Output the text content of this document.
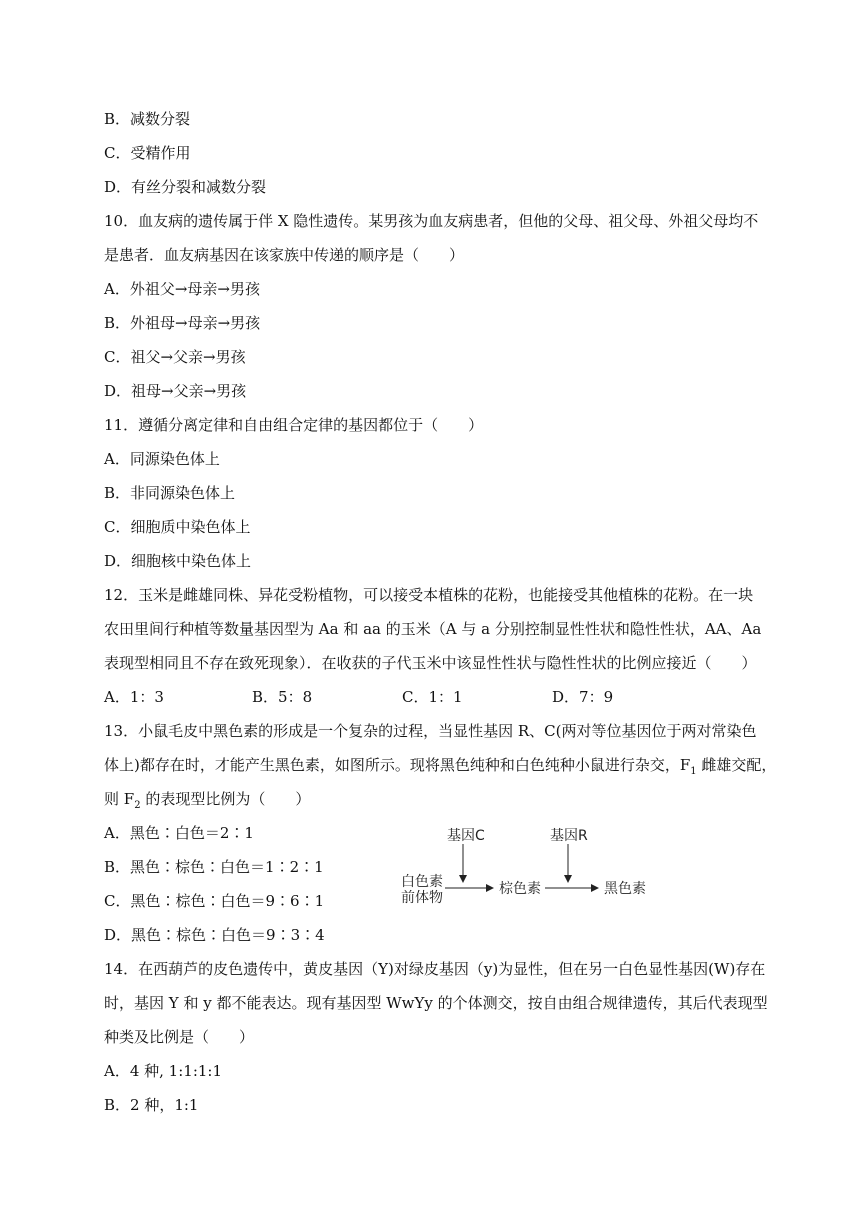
B．减数分裂
C．受精作用
D．有丝分裂和减数分裂
10．血友病的遗传属于伴 X 隐性遗传。某男孩为血友病患者，但他的父母、祖父母、外祖父母均不
是患者．血友病基因在该家族中传递的顺序是（　　）
A．外祖父→母亲→男孩
B．外祖母→母亲→男孩
C．祖父→父亲→男孩
D．祖母→父亲→男孩
11．遵循分离定律和自由组合定律的基因都位于（　　）
A．同源染色体上
B．非同源染色体上
C．细胞质中染色体上
D．细胞核中染色体上
12．玉米是雌雄同株、异花受粉植物，可以接受本植株的花粉，也能接受其他植株的花粉。在一块
农田里间行种植等数量基因型为 Aa 和 aa 的玉米（A 与 a 分别控制显性性状和隐性性状，AA、Aa
表现型相同且不存在致死现象）．在收获的子代玉米中该显性性状与隐性性状的比例应接近（　　）
A．1：3	B．5：8	C．1：1	D．7：9
13．小鼠毛皮中黑色素的形成是一个复杂的过程，当显性基因 R、C(两对等位基因位于两对常染色
体上)都存在时，才能产生黑色素，如图所示。现将黑色纯种和白色纯种小鼠进行杂交，$F_1$ 雌雄交配，
则 $F_2$ 的表现型比例为（　　）
A．黑色∶白色＝2∶1
B．黑色∶棕色∶白色＝1∶2∶1
C．黑色∶棕色∶白色＝9∶6∶1
D．黑色∶棕色∶白色＝9∶3∶4
基因C	基因R
白色素
前体物
棕色素	黑色素
14．在西葫芦的皮色遗传中，黄皮基因（Y)对绿皮基因（y)为显性，但在另一白色显性基因(W)存在
时，基因 Y 和 y 都不能表达。现有基因型 WwYy 的个体测交，按自由组合规律遗传，其后代表现型
种类及比例是（　　）
A．4 种, 1:1:1:1
B．2 种，1:1
